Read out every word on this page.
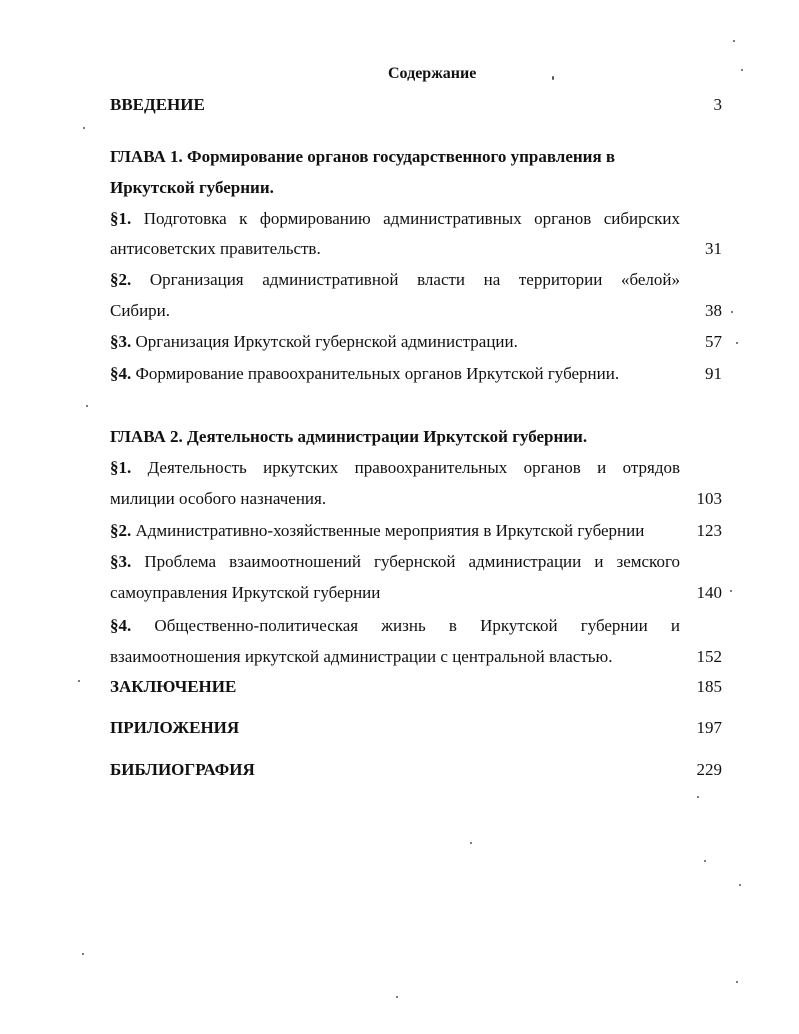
Содержание
ВВЕДЕНИЕ	3
ГЛАВА 1. Формирование органов государственного управления в
Иркутской губернии.
§1. Подготовка к формированию административных органов сибирских
антисоветских правительств.	31
§2. Организация административной власти на территории «белой»
Сибири.	38
§3. Организация Иркутской губернской администрации.	57
§4. Формирование правоохранительных органов Иркутской губернии.	91
ГЛАВА 2. Деятельность администрации Иркутской губернии.
§1. Деятельность иркутских правоохранительных органов и отрядов
милиции особого назначения.	103
§2. Административно-хозяйственные мероприятия в Иркутской губернии	123
§3. Проблема взаимоотношений губернской администрации и земского
самоуправления Иркутской губернии	140
§4. Общественно-политическая жизнь в Иркутской губернии и
взаимоотношения иркутской администрации с центральной властью.	152
ЗАКЛЮЧЕНИЕ	185
ПРИЛОЖЕНИЯ	197
БИБЛИОГРАФИЯ	229
